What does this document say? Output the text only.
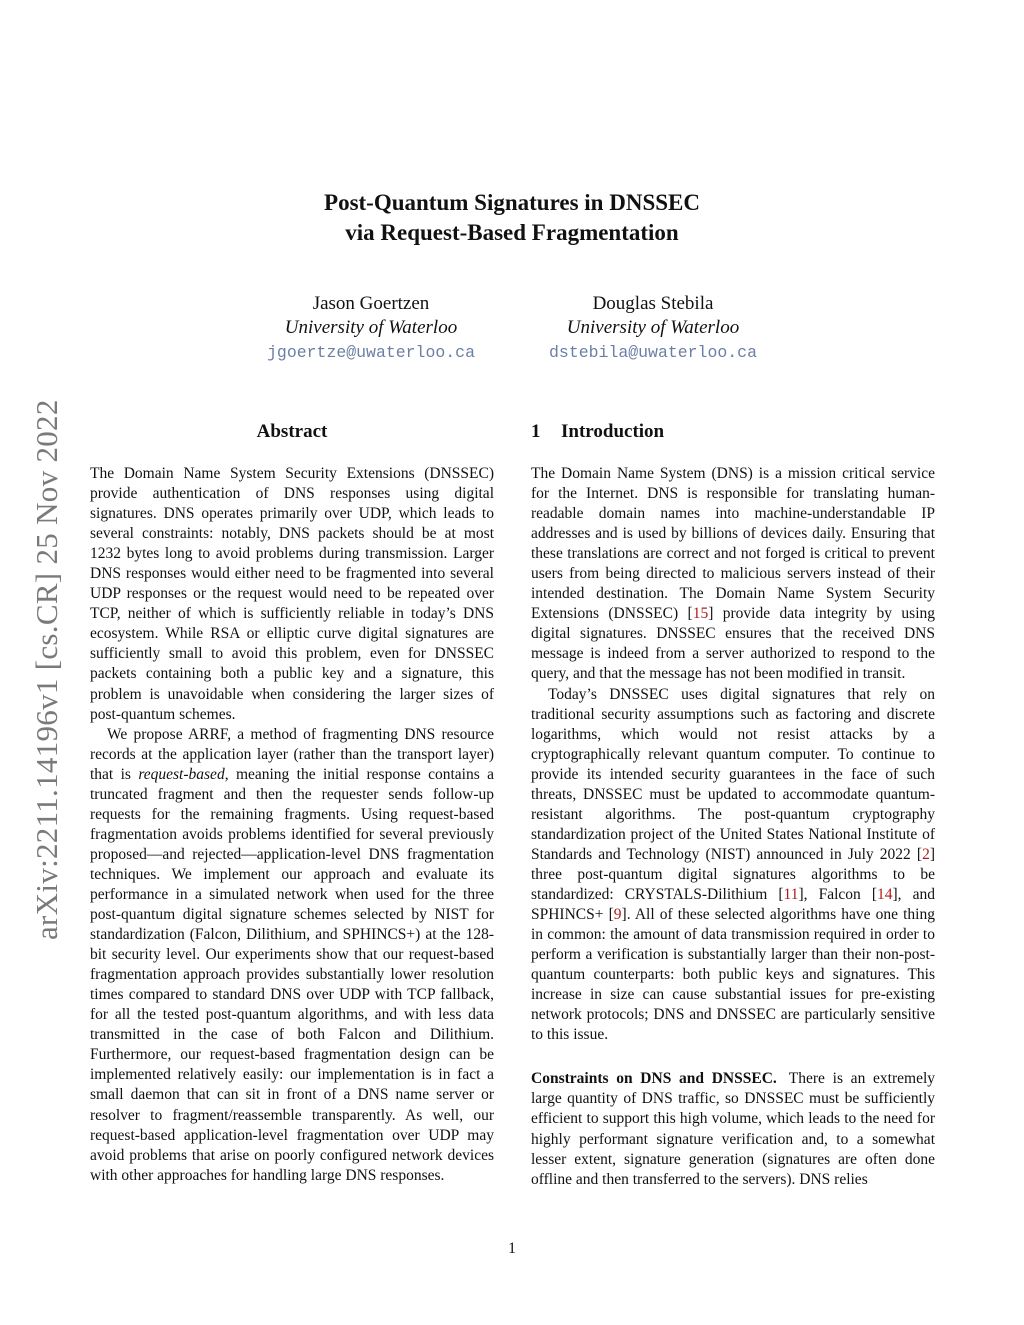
Post-Quantum Signatures in DNSSEC
via Request-Based Fragmentation
Jason Goertzen
University of Waterloo
jgoertze@uwaterloo.ca
Douglas Stebila
University of Waterloo
dstebila@uwaterloo.ca
arXiv:2211.14196v1 [cs.CR] 25 Nov 2022	Abstract

The Domain Name System Security Extensions (DNSSEC) provide authentication of DNS responses using digital signatures. DNS operates primarily over UDP, which leads to several constraints: notably, DNS packets should be at most 1232 bytes long to avoid problems during transmission. Larger DNS responses would either need to be fragmented into several UDP responses or the request would need to be repeated over TCP, neither of which is sufficiently reliable in today’s DNS ecosystem. While RSA or elliptic curve digital signatures are sufficiently small to avoid this problem, even for DNSSEC packets containing both a public key and a signature, this problem is unavoidable when considering the larger sizes of post-quantum schemes.

We propose ARRF, a method of fragmenting DNS resource records at the application layer (rather than the transport layer) that is request-based, meaning the initial response contains a truncated fragment and then the requester sends follow-up requests for the remaining fragments. Using request-based fragmentation avoids problems identified for several previously proposed—and rejected—application-level DNS fragmentation techniques. We implement our approach and evaluate its performance in a simulated network when used for the three post-quantum digital signature schemes selected by NIST for standardization (Falcon, Dilithium, and SPHINCS+) at the 128-bit security level. Our experiments show that our request-based fragmentation approach provides substantially lower resolution times compared to standard DNS over UDP with TCP fallback, for all the tested post-quantum algorithms, and with less data transmitted in the case of both Falcon and Dilithium. Furthermore, our request-based fragmentation design can be implemented relatively easily: our implementation is in fact a small daemon that can sit in front of a DNS name server or resolver to fragment/reassemble transparently. As well, our request-based application-level fragmentation over UDP may avoid problems that arise on poorly configured network devices with other approaches for handling large DNS responses.

1 Introduction

The Domain Name System (DNS) is a mission critical service for the Internet. DNS is responsible for translating human-readable domain names into machine-understandable IP addresses and is used by billions of devices daily. Ensuring that these translations are correct and not forged is critical to prevent users from being directed to malicious servers instead of their intended destination. The Domain Name System Security Extensions (DNSSEC) [15] provide data integrity by using digital signatures. DNSSEC ensures that the received DNS message is indeed from a server authorized to respond to the query, and that the message has not been modified in transit.

Today’s DNSSEC uses digital signatures that rely on traditional security assumptions such as factoring and discrete logarithms, which would not resist attacks by a cryptographically relevant quantum computer. To continue to provide its intended security guarantees in the face of such threats, DNSSEC must be updated to accommodate quantum-resistant algorithms. The post-quantum cryptography standardization project of the United States National Institute of Standards and Technology (NIST) announced in July 2022 [2] three post-quantum digital signatures algorithms to be standardized: CRYSTALS-Dilithium [11], Falcon [14], and SPHINCS+ [9]. All of these selected algorithms have one thing in common: the amount of data transmission required in order to perform a verification is substantially larger than their non-post-quantum counterparts: both public keys and signatures. This increase in size can cause substantial issues for pre-existing network protocols; DNS and DNSSEC are particularly sensitive to this issue.

Constraints on DNS and DNSSEC. There is an extremely large quantity of DNS traffic, so DNSSEC must be sufficiently efficient to support this high volume, which leads to the need for highly performant signature verification and, to a somewhat lesser extent, signature generation (signatures are often done offline and then transferred to the servers). DNS relies

1
